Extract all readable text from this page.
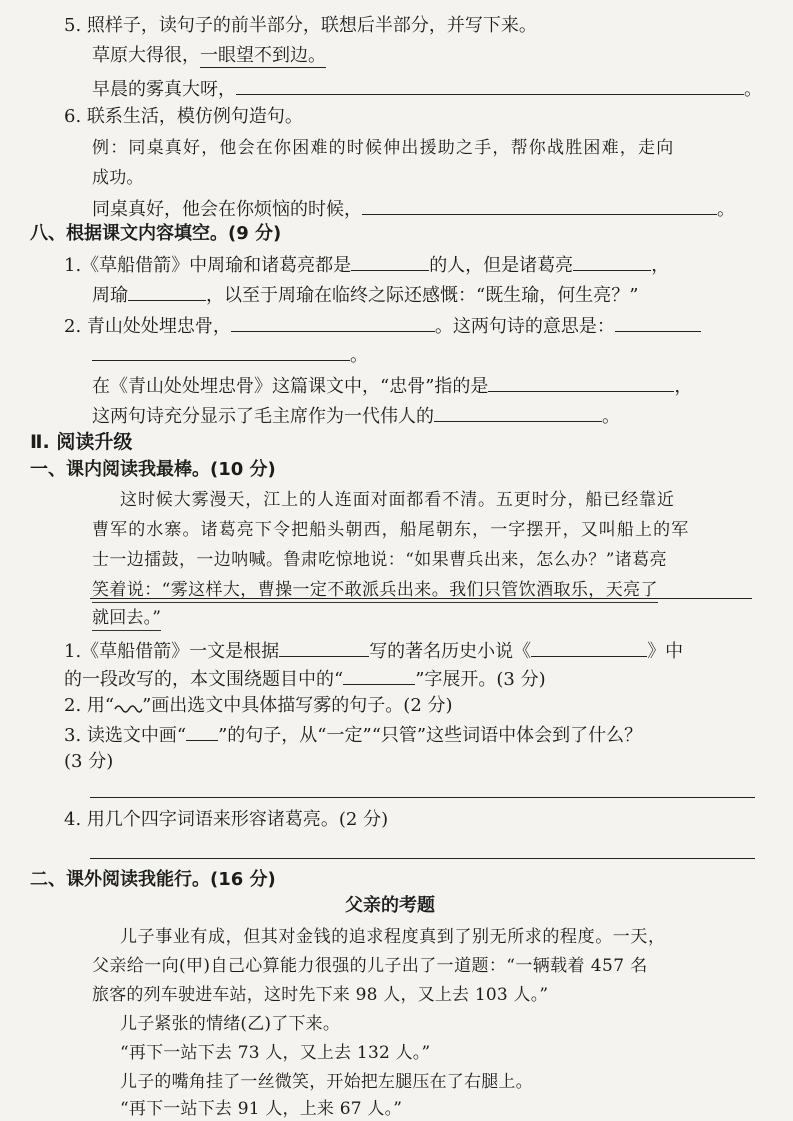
5. 照样子，读句子的前半部分，联想后半部分，并写下来。
草原大得很，一眼望不到边。
早晨的雾真大呀，	。
6. 联系生活，模仿例句造句。
例：同桌真好，他会在你困难的时候伸出援助之手，帮你战胜困难，走向
成功。
同桌真好，他会在你烦恼的时候，	。
八、根据课文内容填空。(9 分)
1.《草船借箭》中周瑜和诸葛亮都是	的人，但是诸葛亮	，
周瑜	，以至于周瑜在临终之际还感慨：“既生瑜，何生亮？”
2. 青山处处埋忠骨，	。这两句诗的意思是：
。
在《青山处处埋忠骨》这篇课文中，“忠骨”指的是	，
这两句诗充分显示了毛主席作为一代伟人的	。
Ⅱ. 阅读升级
一、课内阅读我最棒。(10 分)
这时候大雾漫天，江上的人连面对面都看不清。五更时分，船已经靠近
曹军的水寨。诸葛亮下令把船头朝西，船尾朝东，一字摆开，又叫船上的军
士一边擂鼓，一边呐喊。鲁肃吃惊地说：“如果曹兵出来，怎么办？”诸葛亮
笑着说：“雾这样大，曹操一定不敢派兵出来。我们只管饮酒取乐，天亮了
就回去。”
1.《草船借箭》一文是根据	写的著名历史小说《	》中
的一段改写的，本文围绕题目中的“	”字展开。(3 分)
2. 用“ ”画出选文中具体描写雾的句子。(2 分)
3. 读选文中画“ ”的句子，从“一定”“只管”这些词语中体会到了什么？
(3 分)
4. 用几个四字词语来形容诸葛亮。(2 分)
二、课外阅读我能行。(16 分)
父亲的考题
儿子事业有成，但其对金钱的追求程度真到了别无所求的程度。一天，
父亲给一向(甲)自己心算能力很强的儿子出了一道题：“一辆载着 457 名
旅客的列车驶进车站，这时先下来 98 人，又上去 103 人。”
儿子紧张的情绪(乙)了下来。
“再下一站下去 73 人，又上去 132 人。”
儿子的嘴角挂了一丝微笑，开始把左腿压在了右腿上。
“再下一站下去 91 人，上来 67 人。”
